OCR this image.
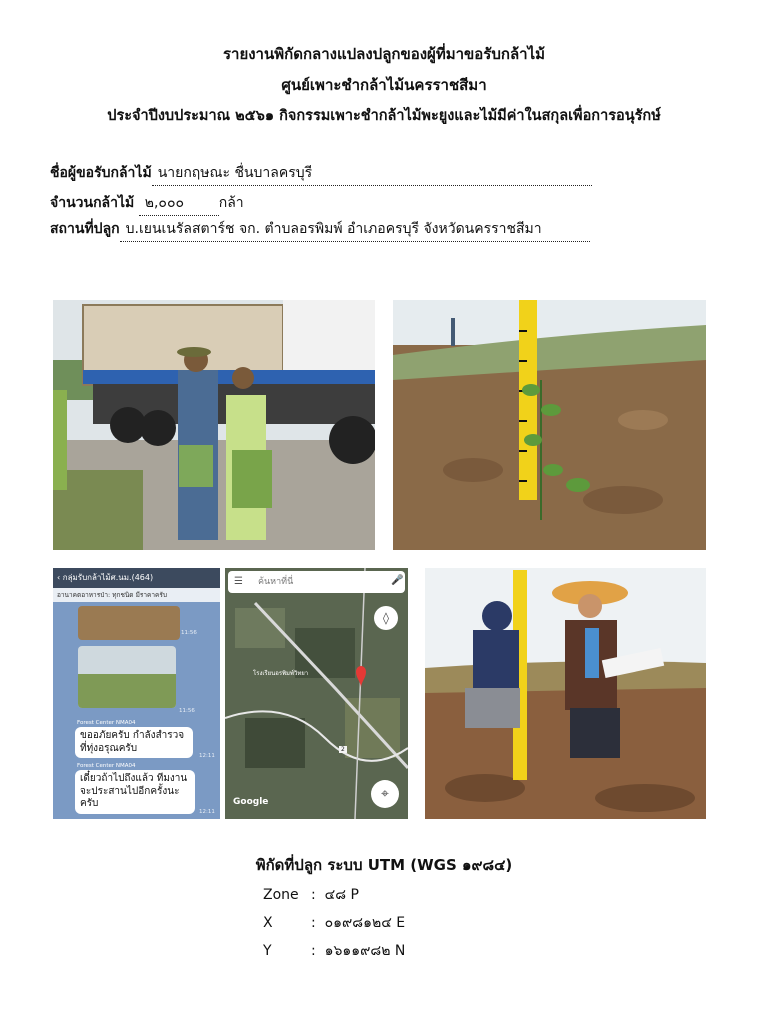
รายงานพิกัดกลางแปลงปลูกของผู้ที่มาขอรับกล้าไม้
ศูนย์เพาะชำกล้าไม้นครราชสีมา
ประจำปีงบประมาณ ๒๕๖๑ กิจกรรมเพาะชำกล้าไม้พะยูงและไม้มีค่าในสกุลเพื่อการอนุรักษ์
ชื่อผู้ขอรับกล้าไม้ นายกฤษณะ ชื่นบาลครบุรี
จำนวนกล้าไม้ ๒,๐๐๐ กล้า
สถานที่ปลูก บ.เยนเนรัลสตาร์ช จก. ตำบลอรพิมพ์ อำเภอครบุรี จังหวัดนครราชสีมา
‹ กลุ่มรับกล้าไม้ศ.นม.(464)
อานาคตอาหารป่า: ทุกชนิด มีราคาครับ
11:56
11:56
Forest Center NMA04
ขออภัยครับ กำลังสำรวจที่ทุ่งอรุณครับ
12:11
Forest Center NMA04
เดี๋ยวถ้าไปถึงแล้ว ทีมงานจะประสานไปอีกครั้งนะครับ
12:11
ค้นหาที่นี่
☰	🎤
◊
โรงเรียนอรพิมพ์วิทยา
2
Google	⌖
พิกัดที่ปลูก ระบบ UTM (WGS ๑๙๘๔)
Zone : ๔๘ P
X	: ๐๑๙๘๑๒๔ E
Y	: ๑๖๑๑๙๘๒ N
